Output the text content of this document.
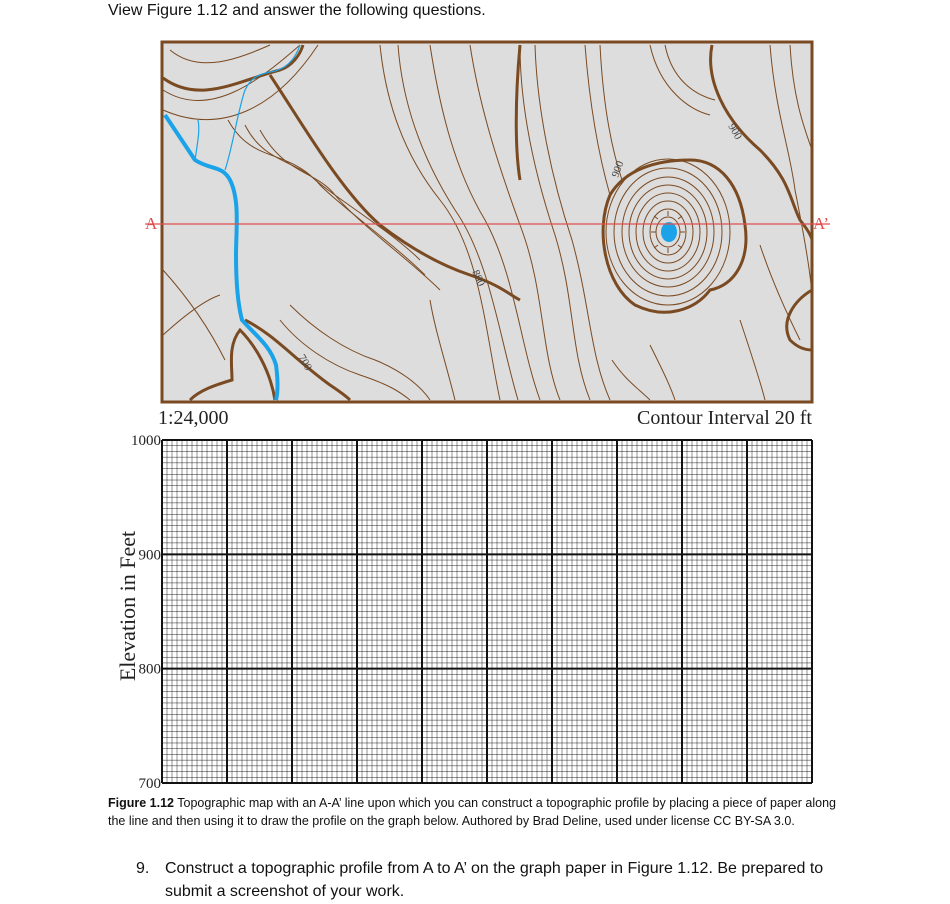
View Figure 1.12 and answer the following questions.
900
900
800
700
A	A’
1:24,000	Contour Interval 20 ft
1000
900
800
700
Elevation in Feet
Figure 1.12 Topographic map with an A-A’ line upon which you can construct a topographic profile by placing a piece of paper along the line and then using it to draw the profile on the graph below. Authored by Brad Deline, used under license CC BY-SA 3.0.
9. Construct a topographic profile from A to A’ on the graph paper in Figure 1.12. Be prepared to submit a screenshot of your work.
